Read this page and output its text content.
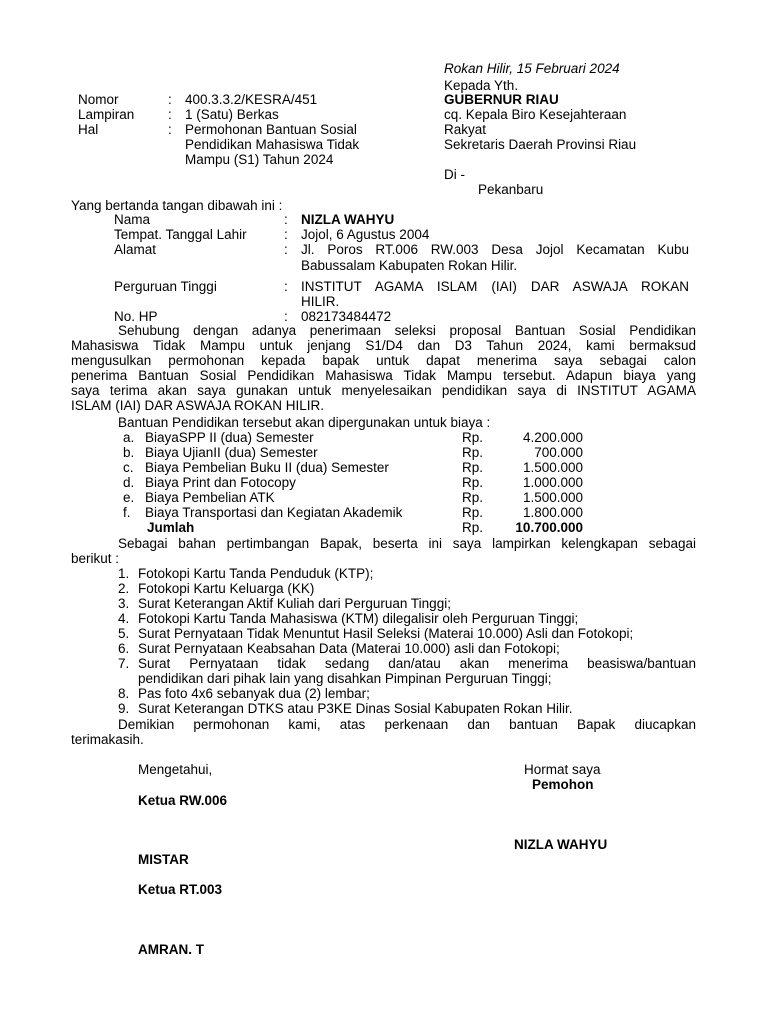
Rokan Hilir, 15 Februari 2024
Kepada Yth.
GUBERNUR RIAU
cq. Kepala Biro Kesejahteraan
Rakyat
Sekretaris Daerah Provinsi Riau
Di -
Pekanbaru
Nomor	: 400.3.3.2/KESRA/451
Lampiran : 1 (Satu) Berkas
Hal	: Permohonan Bantuan Sosial
Pendidikan Mahasiswa Tidak
Mampu (S1) Tahun 2024
Yang bertanda tangan dibawah ini :
Nama	: NIZLA WAHYU
Tempat. Tanggal Lahir	: Jojol, 6 Agustus 2004
Alamat	: Jl. Poros RT.006 RW.003 Desa Jojol Kecamatan Kubu
Babussalam Kabupaten Rokan Hilir.
Perguruan Tinggi	: INSTITUT AGAMA ISLAM (IAI) DAR ASWAJA ROKAN
HILIR.
No. HP	: 082173484472
Sehubung dengan adanya penerimaan seleksi proposal Bantuan Sosial Pendidikan
Mahasiswa Tidak Mampu untuk jenjang S1/D4 dan D3 Tahun 2024, kami bermaksud
mengusulkan permohonan kepada bapak untuk dapat menerima saya sebagai calon
penerima Bantuan Sosial Pendidikan Mahasiswa Tidak Mampu tersebut. Adapun biaya yang
saya terima akan saya gunakan untuk menyelesaikan pendidikan saya di INSTITUT AGAMA
ISLAM (IAI) DAR ASWAJA ROKAN HILIR.
Bantuan Pendidikan tersebut akan dipergunakan untuk biaya :
a. BiayaSPP II (dua) Semester	Rp.	4.200.000
b. Biaya UjianII (dua) Semester	Rp.	700.000
c. Biaya Pembelian Buku II (dua) Semester	Rp.	1.500.000
d. Biaya Print dan Fotocopy	Rp.	1.000.000
e. Biaya Pembelian ATK	Rp.	1.500.000
f. Biaya Transportasi dan Kegiatan Akademik	Rp.	1.800.000
Jumlah	Rp.	10.700.000
Sebagai bahan pertimbangan Bapak, beserta ini saya lampirkan kelengkapan sebagai
berikut :
1. Fotokopi Kartu Tanda Penduduk (KTP);
2. Fotokopi Kartu Keluarga (KK)
3. Surat Keterangan Aktif Kuliah dari Perguruan Tinggi;
4. Fotokopi Kartu Tanda Mahasiswa (KTM) dilegalisir oleh Perguruan Tinggi;
5. Surat Pernyataan Tidak Menuntut Hasil Seleksi (Materai 10.000) Asli dan Fotokopi;
6. Surat Pernyataan Keabsahan Data (Materai 10.000) asli dan Fotokopi;
7. Surat Pernyataan tidak sedang dan/atau akan menerima beasiswa/bantuan
pendidikan dari pihak lain yang disahkan Pimpinan Perguruan Tinggi;
8. Pas foto 4x6 sebanyak dua (2) lembar;
9. Surat Keterangan DTKS atau P3KE Dinas Sosial Kabupaten Rokan Hilir.
Demikian permohonan kami, atas perkenaan dan bantuan Bapak diucapkan
terimakasih.
Mengetahui,
Ketua RW.006
MISTAR
Ketua RT.003
AMRAN. T
Hormat saya
Pemohon
NIZLA WAHYU
